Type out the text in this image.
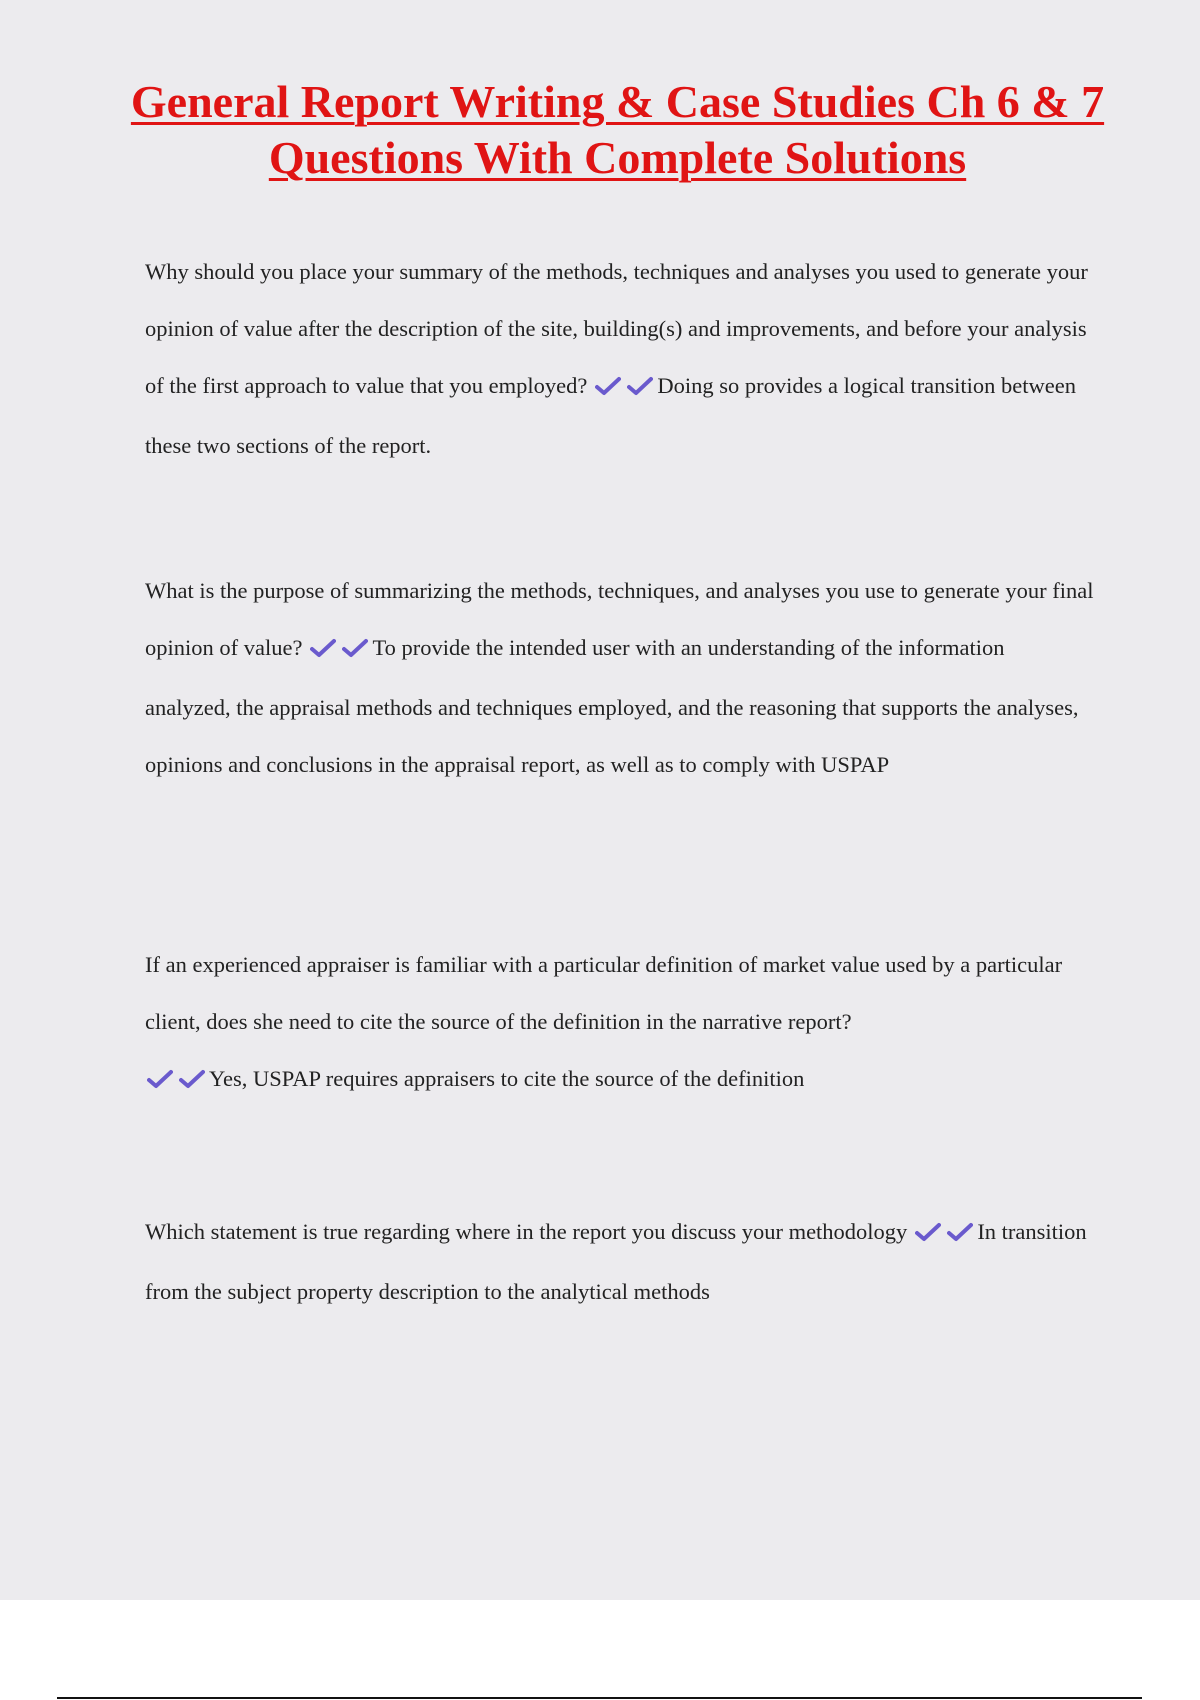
General Report Writing & Case Studies Ch 6 & 7 Questions With Complete Solutions

Why should you place your summary of the methods, techniques and analyses you used to generate your opinion of value after the description of the site, building(s) and improvements, and before your analysis of the first approach to value that you employed?	Doing so provides a logical transition between these two sections of the report.

What is the purpose of summarizing the methods, techniques, and analyses you use to generate your final opinion of value?	To provide the intended user with an understanding of the information analyzed, the appraisal methods and techniques employed, and the reasoning that supports the analyses, opinions and conclusions in the appraisal report, as well as to comply with USPAP

If an experienced appraiser is familiar with a particular definition of market value used by a particular client, does she need to cite the source of the definition in the narrative report?

Yes, USPAP requires appraisers to cite the source of the definition

Which statement is true regarding where in the report you discuss your methodology	In transition from the subject property description to the analytical methods
